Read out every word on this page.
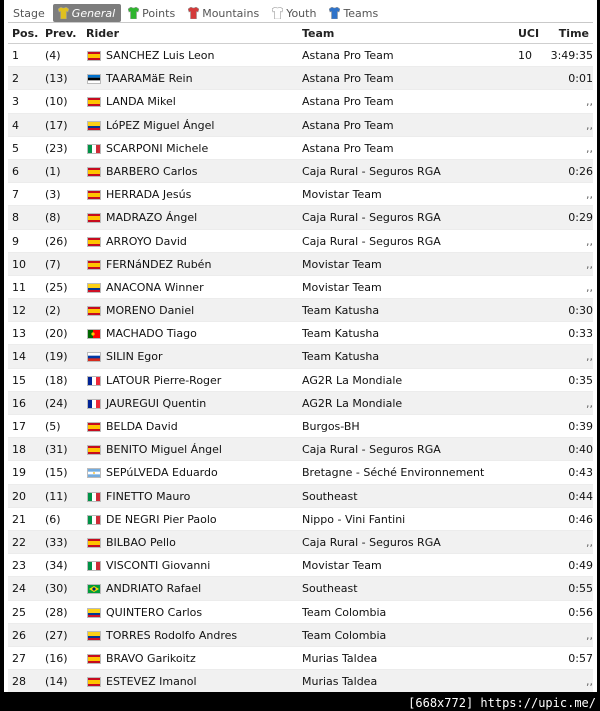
Stage General Points Mountains Youth Teams
Pos. Prev. Rider	Team	UCI Time
1 (4)	SANCHEZ Luis Leon	Astana Pro Team	10 3:49:35
2 (13)	TAARAMäE Rein	Astana Pro Team	0:01
3 (10)	LANDA Mikel	Astana Pro Team	,,
4 (17)	LóPEZ Miguel Ángel	Astana Pro Team	,,
5 (23)	SCARPONI Michele	Astana Pro Team	,,
6 (1)	BARBERO Carlos	Caja Rural - Seguros RGA	0:26
7 (3)	HERRADA Jesús	Movistar Team	,,
8 (8)	MADRAZO Ángel	Caja Rural - Seguros RGA	0:29
9 (26)	ARROYO David	Caja Rural - Seguros RGA	,,
10 (7)	FERNáNDEZ Rubén	Movistar Team	,,
11 (25)	ANACONA Winner	Movistar Team	,,
12 (2)	MORENO Daniel	Team Katusha	0:30
13 (20)	MACHADO Tiago	Team Katusha	0:33
14 (19)	SILIN Egor	Team Katusha	,,
15 (18)	LATOUR Pierre-Roger	AG2R La Mondiale	0:35
16 (24)	JAUREGUI Quentin	AG2R La Mondiale	,,
17 (5)	BELDA David	Burgos-BH	0:39
18 (31)	BENITO Miguel Ángel	Caja Rural - Seguros RGA	0:40
19 (15)	SEPúLVEDA Eduardo	Bretagne - Séché Environnement	0:43
20 (11)	FINETTO Mauro	Southeast	0:44
21 (6)	DE NEGRI Pier Paolo	Nippo - Vini Fantini	0:46
22 (33)	BILBAO Pello	Caja Rural - Seguros RGA	,,
23 (34)	VISCONTI Giovanni	Movistar Team	0:49
24 (30)	ANDRIATO Rafael	Southeast	0:55
25 (28)	QUINTERO Carlos	Team Colombia	0:56
26 (27)	TORRES Rodolfo Andres	Team Colombia	,,
27 (16)	BRAVO Garikoitz	Murias Taldea	0:57
28 (14)	ESTEVEZ Imanol	Murias Taldea	,,
[668x772] https://upic.me/
